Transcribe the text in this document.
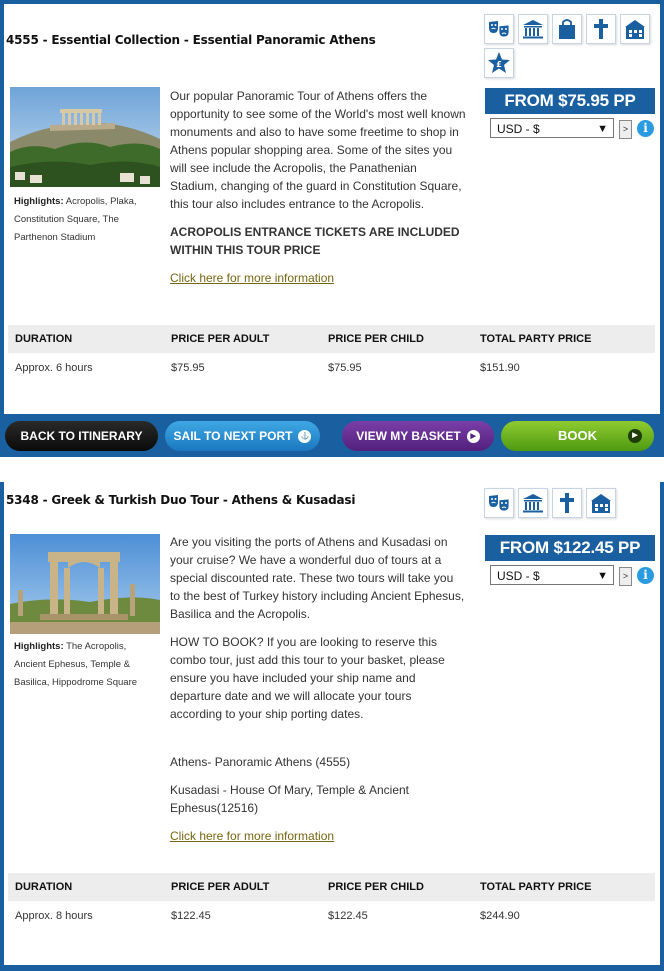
4555 - Essential Collection - Essential Panoramic Athens
£
Highlights: Acropolis, Plaka, Constitution Square, The Parthenon Stadium

Our popular Panoramic Tour of Athens offers the opportunity to see some of the World's most well known monuments and also to have some freetime to shop in Athens popular shopping area. Some of the sites you will see include the Acropolis, the Panathenian Stadium, changing of the guard in Constitution Square, this tour also includes entrance to the Acropolis.

ACROPOLIS ENTRANCE TICKETS ARE INCLUDED WITHIN THIS TOUR PRICE

Click here for more information

FROM $75.95 PP
USD - $	▼	>	i
DURATION	PRICE PER ADULT	PRICE PER CHILD	TOTAL PARTY PRICE
Approx. 6 hours	$75.95	$75.95	$151.90
BACK TO ITINERARY	SAIL TO NEXT PORT ⚓	VIEW MY BASKET ▶	BOOK	▶
5348 - Greek & Turkish Duo Tour - Athens & Kusadasi
Highlights: The Acropolis, Ancient Ephesus, Temple & Basilica, Hippodrome Square

Are you visiting the ports of Athens and Kusadasi on your cruise? We have a wonderful duo of tours at a special discounted rate. These two tours will take you to the best of Turkey history including Ancient Ephesus, Basilica and the Acropolis.

HOW TO BOOK? If you are looking to reserve this combo tour, just add this tour to your basket, please ensure you have included your ship name and departure date and we will allocate your tours according to your ship porting dates.

Athens- Panoramic Athens (4555)

Kusadasi - House Of Mary, Temple & Ancient Ephesus(12516)

Click here for more information

FROM $122.45 PP
USD - $	▼	>	i
DURATION	PRICE PER ADULT	PRICE PER CHILD	TOTAL PARTY PRICE
Approx. 8 hours	$122.45	$122.45	$244.90
